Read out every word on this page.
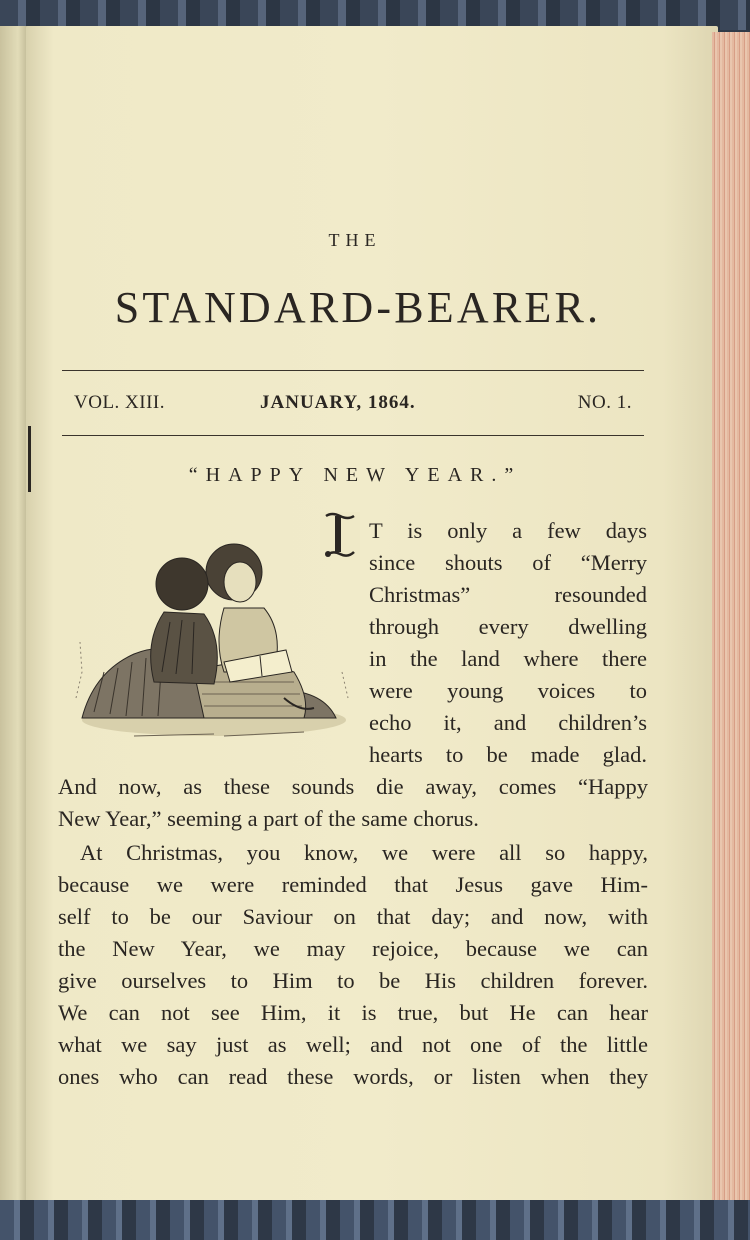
THE
STANDARD-BEARER.
VOL. XIII.	JANUARY, 1864.	NO. 1.
“HAPPY NEW YEAR.”
T is only a few days
since shouts of “Merry
Christmas” resounded
through every dwelling
in the land where there
were young voices to
echo it, and children’s
hearts to be made glad.
And now, as these sounds die away, comes “Happy
New Year,” seeming a part of the same chorus.
At Christmas, you know, we were all so happy,
because we were reminded that Jesus gave Him-
self to be our Saviour on that day; and now, with
the New Year, we may rejoice, because we can
give ourselves to Him to be His children forever.
We can not see Him, it is true, but He can hear
what we say just as well; and not one of the little
ones who can read these words, or listen when they
